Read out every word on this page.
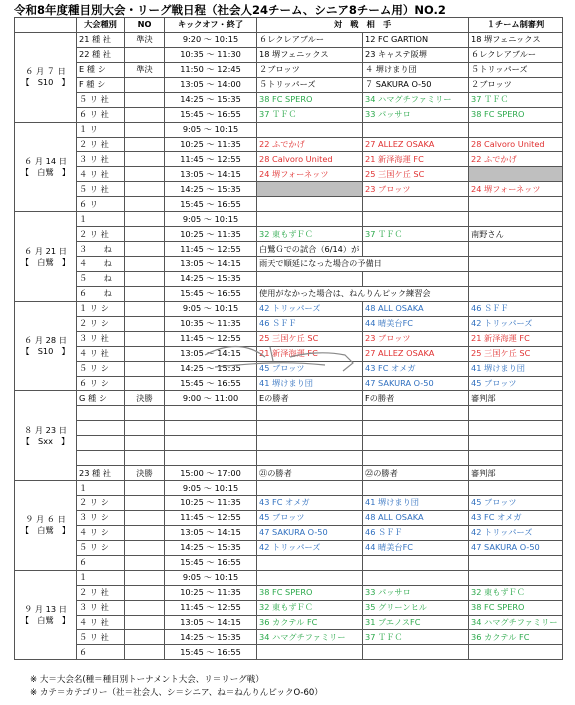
令和8年度種目別大会・リーグ戦日程（社会人24チーム、シニア8チーム用）NO.2
	大会種別	NO	キックオフ・終了	対　戦　相　手		１チーム制審判

６ 月 ７ 日
【　S10　】	21 種 社	準決	9:20 ～ 10:15	６レクレアブルー	12 FC GARTION	18 堺フェニックス
	22 種 社		10:35 ～ 11:30	18 堺フェニックス	23 キャステ阪堺	６レクレアブルー
	E 種 シ	準決	11:50 ～ 12:45	２ブロッツ	４ 堺けまり団	５トリッパーズ
	F 種 シ		13:05 ～ 14:00	５トリッパーズ	７ SAKURA O-50	２ブロッツ
	５ リ 社		14:25 ～ 15:35	38 FC SPERO	34 ハマグチファミリー	37 ＴＦＣ
	６ リ 社		15:45 ～ 16:55	37 ＴＦＣ	33 パッサロ	38 FC SPERO

６ 月 14 日
【　白鷺　】	１ リ		9:05 ～ 10:15			
	２ リ 社		10:25 ～ 11:35	22 ふでかげ	27 ALLEZ OSAKA	28 Calvoro United
	３ リ 社		11:45 ～ 12:55	28 Calvoro United	21 新泽海運 FC	22 ふでかげ
	４ リ 社		13:05 ～ 14:15	24 堺フォーネッツ	25 三国ケ丘 SC	
	５ リ 社		14:25 ～ 15:35		23 ブロッツ	24 堺フォーネッツ
	６ リ		15:45 ～ 16:55			

６ 月 21 日
【　白鷺　】	１		9:05 ～ 10:15			
	２ リ 社		10:25 ～ 11:35	32 東もずＦＣ	37 ＴＦＣ	南野さん
	３　　ね		11:45 ～ 12:55	白鷺Ｇでの試合（6/14）が		
	４　　ね		13:05 ～ 14:15	雨天で順延になった場合の予備日		
	５　　ね		14:25 ～ 15:35			
	６　　ね		15:45 ～ 16:55	使用がなかった場合は、ねんりんピック練習会		

６ 月 28 日
【　S10　】	１ リ シ		9:05 ～ 10:15	42 トリッパーズ	48 ALL OSAKA	46 ＳＦＦ
	２ リ シ		10:35 ～ 11:35	46 ＳＦＦ	44 晴美台FC	42 トリッパーズ
	３ リ 社		11:45 ～ 12:55	25 三国ケ丘 SC	23 ブロッツ	21 新泽海運 FC
	４ リ 社		13:05 ～ 14:15	21 新泽海運 FC	27 ALLEZ OSAKA	25 三国ケ丘 SC
	５ リ シ		14:25 ～ 15:35	45 ブロッツ	43 FC オメガ	41 堺けまり団
	６ リ シ		15:45 ～ 16:55	41 堺けまり団	47 SAKURA O-50	45 ブロッツ

８ 月 23 日
【　Sxx　】	G 種 シ	決勝	9:00 ～ 11:00	Eの勝者	Fの勝者	審判部

	23 種 社	決勝	15:00 ～ 17:00	㉑の勝者	㉒の勝者	審判部

９ 月 ６ 日
【　白鷺　】	１		9:05 ～ 10:15			
	２ リ シ		10:25 ～ 11:35	43 FC オメガ	41 堺けまり団	45 ブロッツ
	３ リ シ		11:45 ～ 12:55	45 ブロッツ	48 ALL OSAKA	43 FC オメガ
	４ リ シ		13:05 ～ 14:15	47 SAKURA O-50	46 ＳＦＦ	42 トリッパーズ
	５ リ シ		14:25 ～ 15:35	42 トリッパーズ	44 晴美台FC	47 SAKURA O-50
	６		15:45 ～ 16:55			

９ 月 13 日
【　白鷺　】	１		9:05 ～ 10:15			
	２ リ 社		10:25 ～ 11:35	38 FC SPERO	33 パッサロ	32 東もずＦＣ
	３ リ 社		11:45 ～ 12:55	32 東もずＦＣ	35 グリーンヒル	38 FC SPERO
	４ リ 社		13:05 ～ 14:15	36 カクテル FC	31 プエノスFC	34 ハマグチファミリー
	５ リ 社		14:25 ～ 15:35	34 ハマグチファミリー	37 ＴＦＣ	36 カクテル FC
	６		15:45 ～ 16:55			
※ 大＝大会名(種＝種目別トーナメント大会、リ＝リーグ戦）
※ カテ＝カテゴリー（社＝社会人、シ＝シニア、ね＝ねんりんピックO-60）
